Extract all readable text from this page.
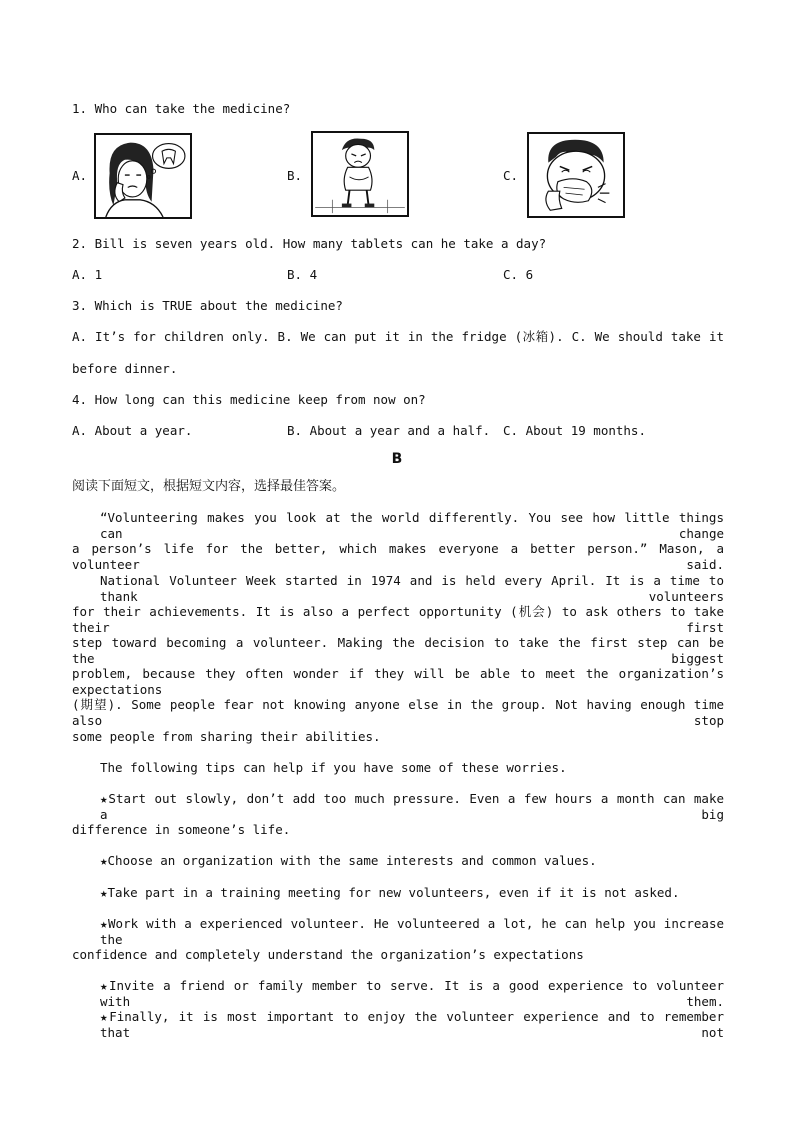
1. Who can take the medicine?
A.	B.	C.
2. Bill is seven years old. How many tablets can he take a day?
A. 1	B. 4	C. 6
3. Which is TRUE about the medicine?
A. It’s for children only. B. We can put it in the fridge (冰箱). C. We should take it
before dinner.
4. How long can this medicine keep from now on?
A. About a year.	B. About a year and a half. C. About 19 months.
B
阅读下面短文，根据短文内容，选择最佳答案。
“Volunteering makes you look at the world differently. You see how little things can change
a person’s life for the better, which makes everyone a better person.” Mason, a volunteer said.
National Volunteer Week started in 1974 and is held every April. It is a time to thank volunteers
for their achievements. It is also a perfect opportunity (机会) to ask others to take their first
step toward becoming a volunteer. Making the decision to take the first step can be the biggest
problem, because they often wonder if they will be able to meet the organization’s expectations
(期望). Some people fear not knowing anyone else in the group. Not having enough time also stop
some people from sharing their abilities.
The following tips can help if you have some of these worries.
★Start out slowly, don’t add too much pressure. Even a few hours a month can make a big
difference in someone’s life.
★Choose an organization with the same interests and common values.
★Take part in a training meeting for new volunteers, even if it is not asked.
★Work with a experienced volunteer. He volunteered a lot, he can help you increase the
confidence and completely understand the organization’s expectations
★Invite a friend or family member to serve. It is a good experience to volunteer with them.
★Finally, it is most important to enjoy the volunteer experience and to remember that not
